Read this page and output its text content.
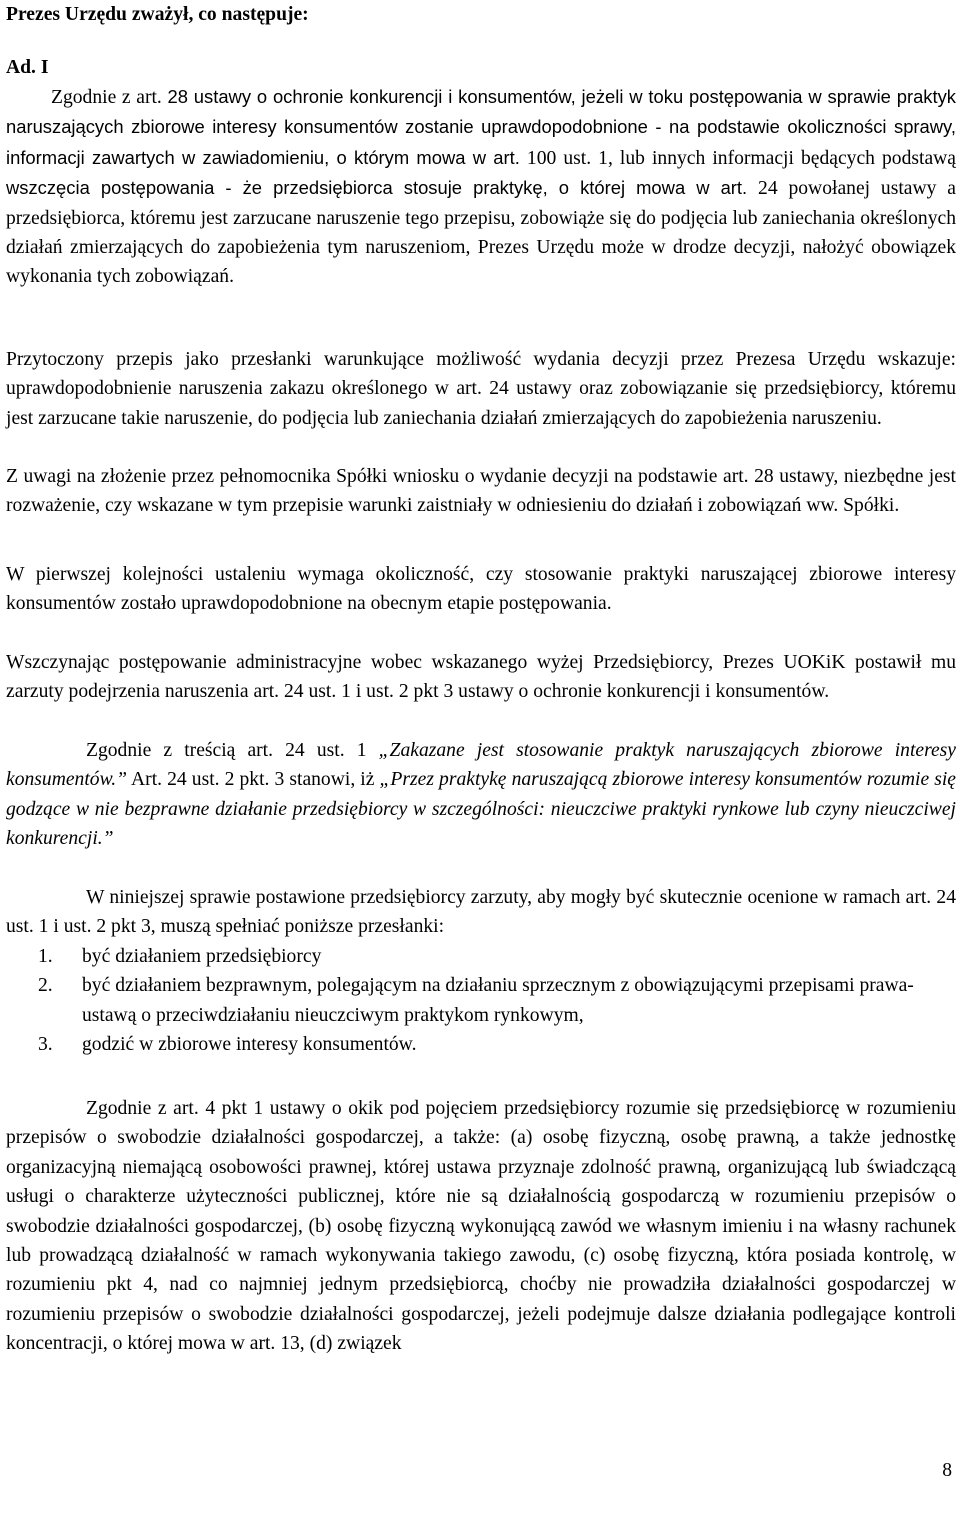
Prezes Urzędu zważył, co następuje:

Ad. I

Zgodnie z art. 28 ustawy o ochronie konkurencji i konsumentów, jeżeli w toku postępowania w sprawie praktyk naruszających zbiorowe interesy konsumentów zostanie uprawdopodobnione - na podstawie okoliczności sprawy, informacji zawartych w zawiadomieniu, o którym mowa w art. 100 ust. 1, lub innych informacji będących podstawą wszczęcia postępowania - że przedsiębiorca stosuje praktykę, o której mowa w art. 24 powołanej ustawy a przedsiębiorca, któremu jest zarzucane naruszenie tego przepisu, zobowiąże się do podjęcia lub zaniechania określonych działań zmierzających do zapobieżenia tym naruszeniom, Prezes Urzędu może w drodze decyzji, nałożyć obowiązek wykonania tych zobowiązań.

Przytoczony przepis jako przesłanki warunkujące możliwość wydania decyzji przez Prezesa Urzędu wskazuje: uprawdopodobnienie naruszenia zakazu określonego w art. 24 ustawy oraz zobowiązanie się przedsiębiorcy, któremu jest zarzucane takie naruszenie, do podjęcia lub zaniechania działań zmierzających do zapobieżenia naruszeniu.

Z uwagi na złożenie przez pełnomocnika Spółki wniosku o wydanie decyzji na podstawie art. 28 ustawy, niezbędne jest rozważenie, czy wskazane w tym przepisie warunki zaistniały w odniesieniu do działań i zobowiązań ww. Spółki.

W pierwszej kolejności ustaleniu wymaga okoliczność, czy stosowanie praktyki naruszającej zbiorowe interesy konsumentów zostało uprawdopodobnione na obecnym etapie postępowania.

Wszczynając postępowanie administracyjne wobec wskazanego wyżej Przedsiębiorcy, Prezes UOKiK postawił mu zarzuty podejrzenia naruszenia art. 24 ust. 1 i ust. 2 pkt 3 ustawy o ochronie konkurencji i konsumentów.

Zgodnie z treścią art. 24 ust. 1 „Zakazane jest stosowanie praktyk naruszających zbiorowe interesy konsumentów.” Art. 24 ust. 2 pkt. 3 stanowi, iż „Przez praktykę naruszającą zbiorowe interesy konsumentów rozumie się godzące w nie bezprawne działanie przedsiębiorcy w szczególności: nieuczciwe praktyki rynkowe lub czyny nieuczciwej konkurencji.”

W niniejszej sprawie postawione przedsiębiorcy zarzuty, aby mogły być skutecznie ocenione w ramach art. 24 ust. 1 i ust. 2 pkt 3, muszą spełniać poniższe przesłanki:

1. być działaniem przedsiębiorcy
2. być działaniem bezprawnym, polegającym na działaniu sprzecznym z obowiązującymi przepisami prawa- ustawą o przeciwdziałaniu nieuczciwym praktykom rynkowym,
3. godzić w zbiorowe interesy konsumentów.

Zgodnie z art. 4 pkt 1 ustawy o okik pod pojęciem przedsiębiorcy rozumie się przedsiębiorcę w rozumieniu przepisów o swobodzie działalności gospodarczej, a także: (a) osobę fizyczną, osobę prawną, a także jednostkę organizacyjną niemającą osobowości prawnej, której ustawa przyznaje zdolność prawną, organizującą lub świadczącą usługi o charakterze użyteczności publicznej, które nie są działalnością gospodarczą w rozumieniu przepisów o swobodzie działalności gospodarczej, (b) osobę fizyczną wykonującą zawód we własnym imieniu i na własny rachunek lub prowadzącą działalność w ramach wykonywania takiego zawodu, (c) osobę fizyczną, która posiada kontrolę, w rozumieniu pkt 4, nad co najmniej jednym przedsiębiorcą, choćby nie prowadziła działalności gospodarczej w rozumieniu przepisów o swobodzie działalności gospodarczej, jeżeli podejmuje dalsze działania podlegające kontroli koncentracji, o której mowa w art. 13, (d) związek

8
